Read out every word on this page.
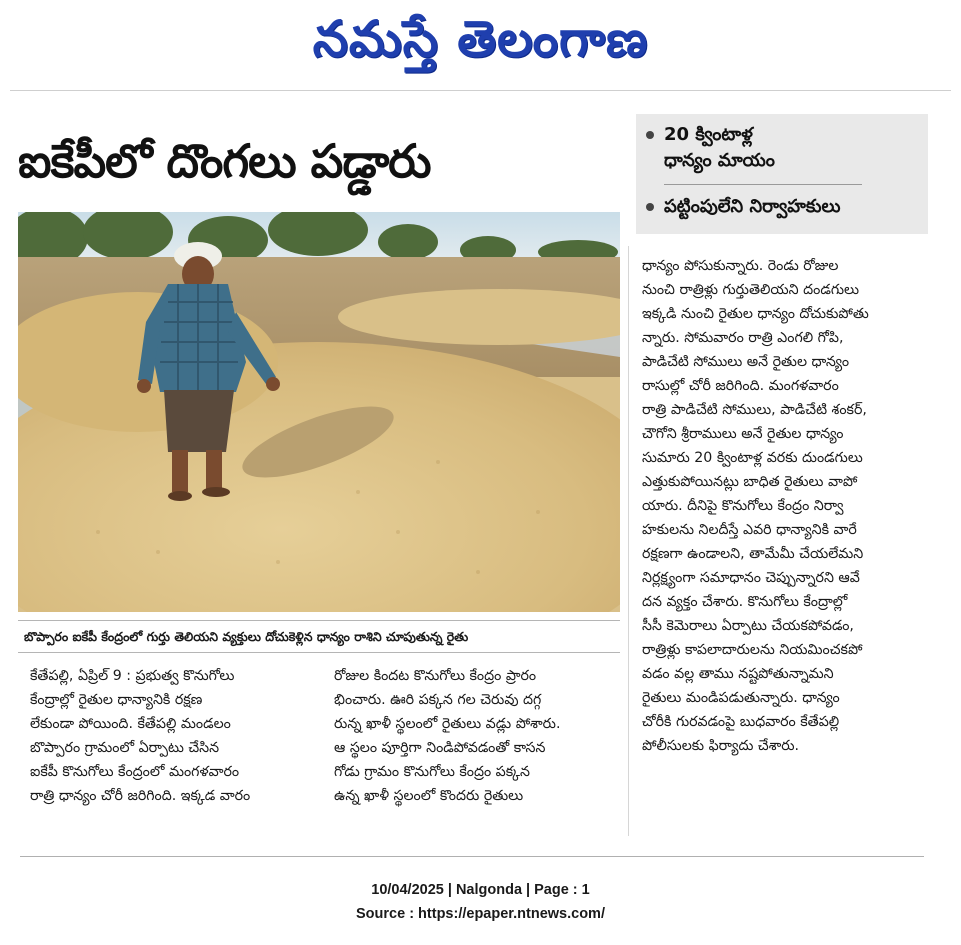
నమస్తే తెలంగాణ
ఐకేపీలో దొంగలు పడ్డారు	20 క్వింటాళ్ల
ధాన్యం మాయం
పట్టింపులేని నిర్వాహకులు
బొప్పారం ఐకేపీ కేంద్రంలో గుర్తు తెలియని వ్యక్తులు దోచుకెళ్లిన ధాన్యం రాశిని చూపుతున్న రైతు
కేతేపల్లి, ఏప్రిల్ 9 : ప్రభుత్వ కొనుగోలు
కేంద్రాల్లో రైతుల ధాన్యానికి రక్షణ
లేకుండా పోయింది. కేతేపల్లి మండలం
బొప్పారం గ్రామంలో ఏర్పాటు చేసిన
ఐకేపీ కొనుగోలు కేంద్రంలో మంగళవారం
రాత్రి ధాన్యం చోరీ జరిగింది. ఇక్కడ వారం
రోజుల కిందట కొనుగోలు కేంద్రం ప్రారం
భించారు. ఊరి పక్కన గల చెరువు దగ్గ
రున్న ఖాళీ స్థలంలో రైతులు వడ్లు పోశారు.
ఆ స్థలం పూర్తిగా నిండిపోవడంతో కాసన
గోడు గ్రామం కొనుగోలు కేంద్రం పక్కన
ఉన్న ఖాళీ స్థలంలో కొందరు రైతులు
ధాన్యం పోసుకున్నారు. రెండు రోజుల
నుంచి రాత్రిళ్లు గుర్తుతెలియని దండగులు
ఇక్కడి నుంచి రైతుల ధాన్యం దోచుకుపోతు
న్నారు. సోమవారం రాత్రి ఎంగలి గోపి,
పాడిచేటి సోములు అనే రైతుల ధాన్యం
రాసుల్లో చోరీ జరిగింది. మంగళవారం
రాత్రి పాడిచేటి సోములు, పాడిచేటి శంకర్,
చౌగోని శ్రీరాములు అనే రైతుల ధాన్యం
సుమారు 20 క్వింటాళ్ల వరకు దుండగులు
ఎత్తుకుపోయినట్లు బాధిత రైతులు వాపో
యారు. దీనిపై కొనుగోలు కేంద్రం నిర్వా
హకులను నిలదీస్తే ఎవరి ధాన్యానికి వారే
రక్షణగా ఉండాలని, తామేమీ చేయలేమని
నిర్లక్ష్యంగా సమాధానం చెప్పున్నారని ఆవే
దన వ్యక్తం చేశారు. కొనుగోలు కేంద్రాల్లో
సీసీ కెమెరాలు ఏర్పాటు చేయకపోవడం,
రాత్రిళ్లు కాపలాదారులను నియమించకపో
వడం వల్ల తాము నష్టపోతున్నామని
రైతులు మండిపడుతున్నారు. ధాన్యం
చోరీకి గురవడంపై బుధవారం కేతేపల్లి
పోలీసులకు ఫిర్యాదు చేశారు.
10/04/2025 | Nalgonda | Page : 1
Source : https://epaper.ntnews.com/
